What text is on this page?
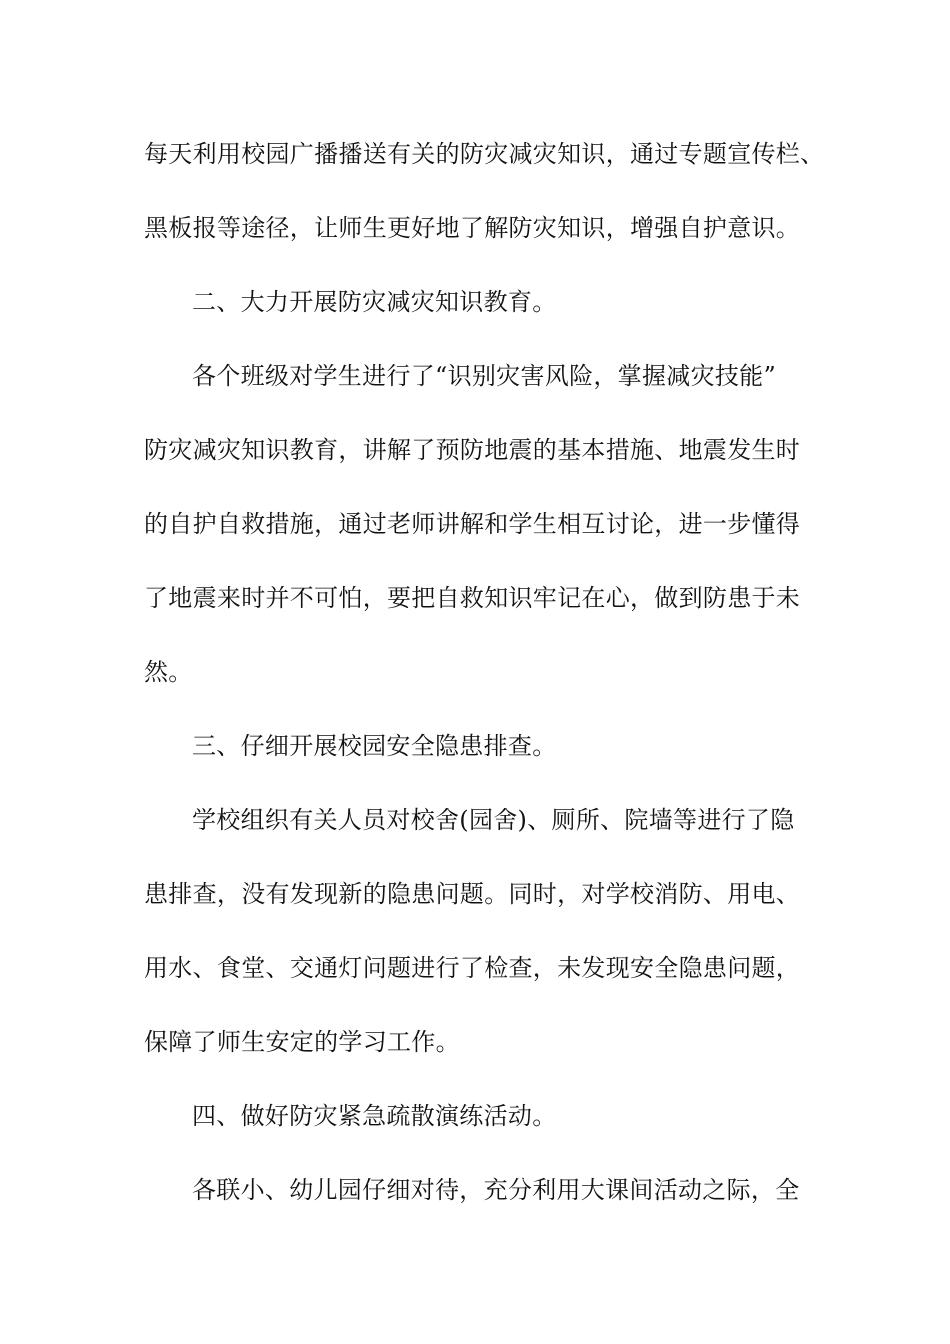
每天利用校园广播播送有关的防灾减灾知识，通过专题宣传栏、
黑板报等途径，让师生更好地了解防灾知识，增强自护意识。
二、大力开展防灾减灾知识教育。
各个班级对学生进行了“识别灾害风险，掌握减灾技能”
防灾减灾知识教育，讲解了预防地震的基本措施、地震发生时
的自护自救措施，通过老师讲解和学生相互讨论，进一步懂得
了地震来时并不可怕，要把自救知识牢记在心，做到防患于未
然。
三、仔细开展校园安全隐患排查。
学校组织有关人员对校舍(园舍)、厕所、院墙等进行了隐
患排查，没有发现新的隐患问题。同时，对学校消防、用电、
用水、食堂、交通灯问题进行了检查，未发现安全隐患问题，
保障了师生安定的学习工作。
四、做好防灾紧急疏散演练活动。
各联小、幼儿园仔细对待，充分利用大课间活动之际，全
